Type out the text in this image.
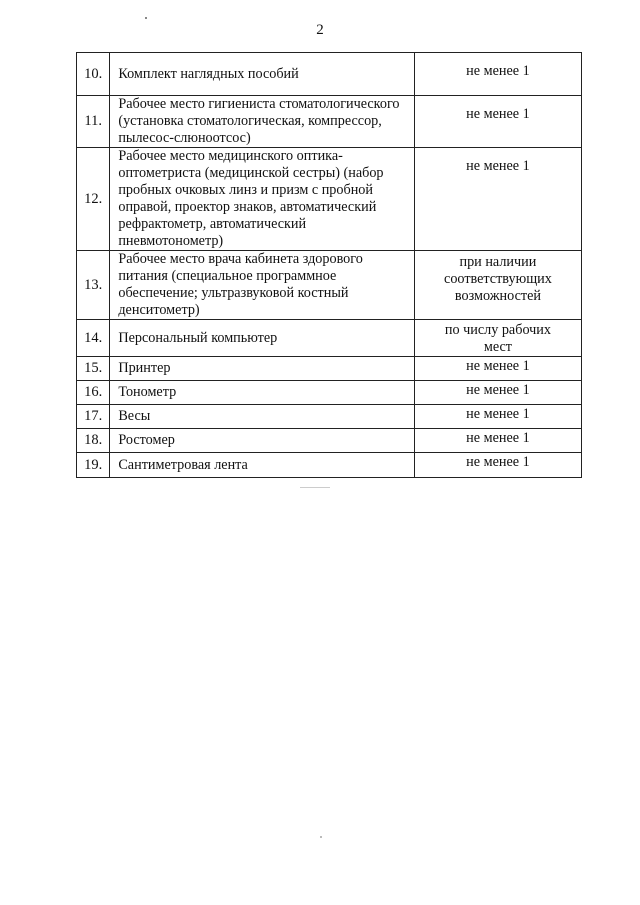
2
10.	Комплект наглядных пособий	не менее 1
11.	Рабочее место гигиениста стоматологического (установка стоматологическая, компрессор, пылесос-слюноотсос)	не менее 1
12.	Рабочее место медицинского оптика-оптометриста (медицинской сестры) (набор пробных очковых линз и призм с пробной оправой, проектор знаков, автоматический рефрактометр, автоматический пневмотонометр)	не менее 1
13.	Рабочее место врача кабинета здорового питания (специальное программное обеспечение; ультразвуковой костный денситометр)	при наличии соответствующих возможностей
14.	Персональный компьютер	по числу рабочих мест
15.	Принтер	не менее 1
16.	Тонометр	не менее 1
17.	Весы	не менее 1
18.	Ростомер	не менее 1
19.	Сантиметровая лента	не менее 1
